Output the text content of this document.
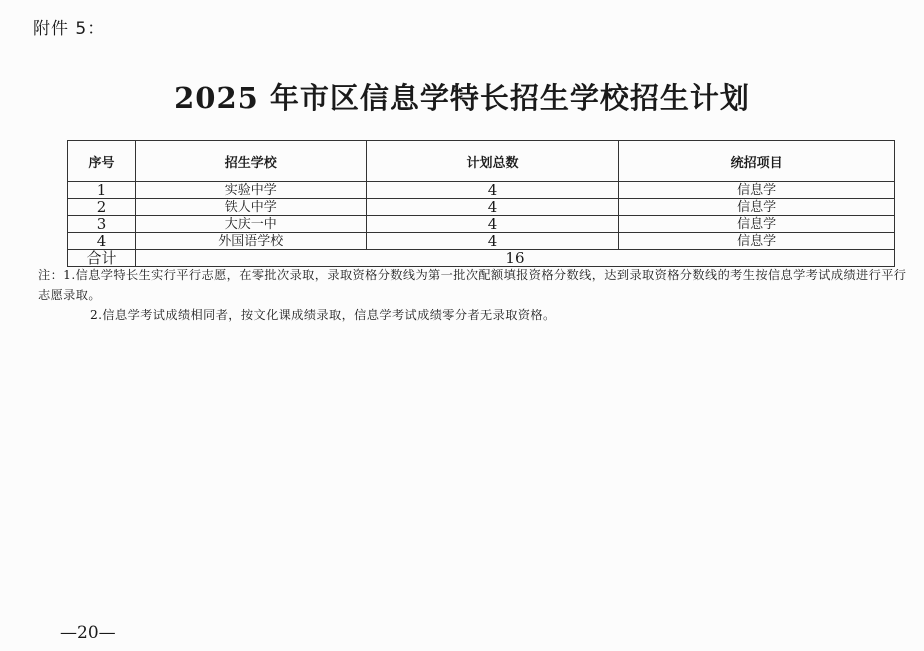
附件 5：
2025 年市区信息学特长招生学校招生计划
序号	招生学校	计划总数	统招项目
1	实验中学	4	信息学
2	铁人中学	4	信息学
3	大庆一中	4	信息学
4	外国语学校	4	信息学
合计	16		

注：1.信息学特长生实行平行志愿，在零批次录取，录取资格分数线为第一批次配额填报资格分数线，达到录取资格分数线的考生按信息学考试成绩进行平行志愿录取。

2.信息学考试成绩相同者，按文化课成绩录取，信息学考试成绩零分者无录取资格。

—20—
